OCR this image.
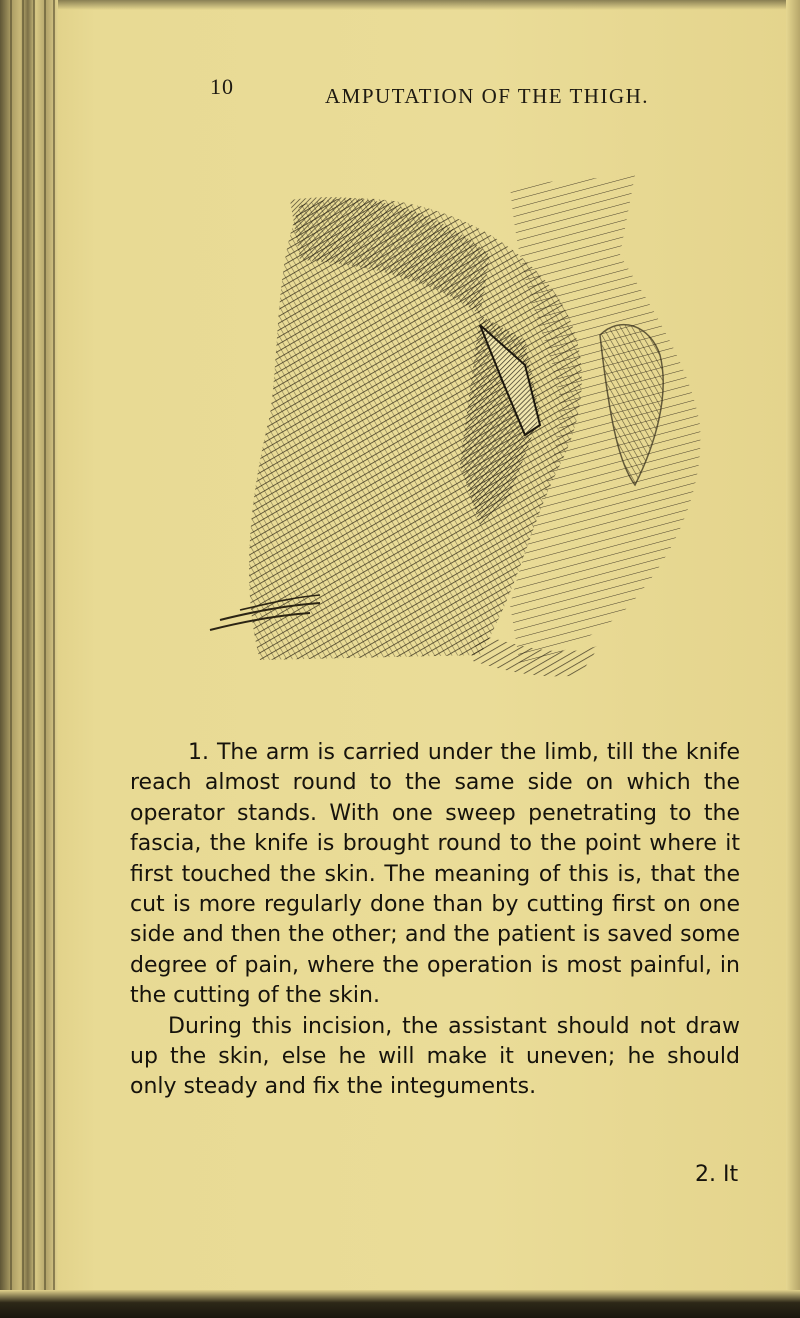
10	AMPUTATION OF THE THIGH.

1. The arm is carried under the limb, till the knife reach almost round to the same side on which the operator stands. With one sweep penetrating to the fascia, the knife is brought round to the point where it first touched the skin. The meaning of this is, that the cut is more regularly done than by cutting first on one side and then the other; and the patient is saved some degree of pain, where the operation is most painful, in the cutting of the skin.

During this incision, the assistant should not draw up the skin, else he will make it uneven; he should only steady and fix the integuments.

2. It
